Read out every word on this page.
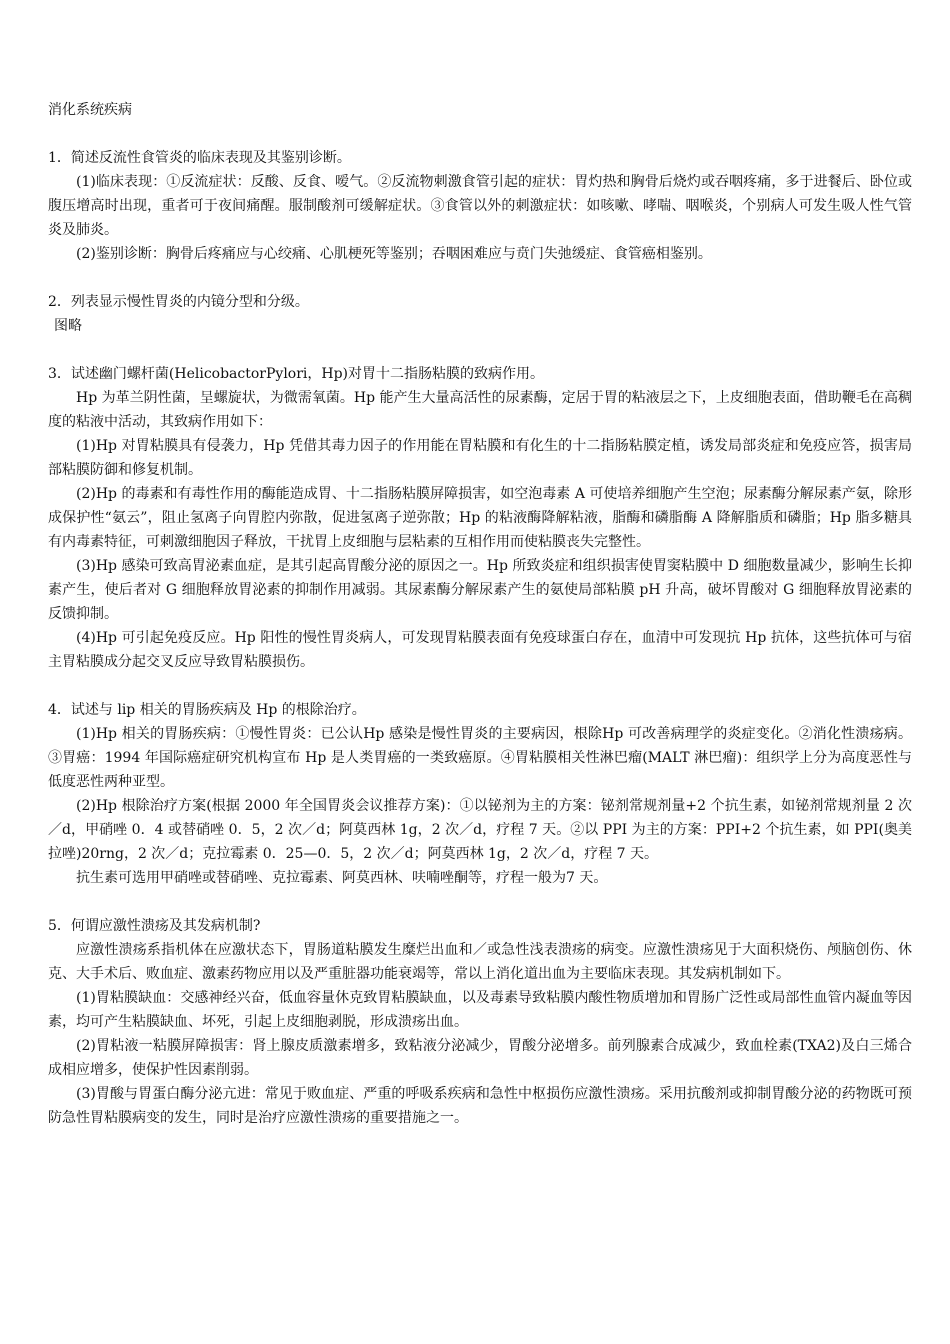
消化系统疾病

1．简述反流性食管炎的临床表现及其鉴别诊断。

(1)临床表现：①反流症状：反酸、反食、嗳气。②反流物刺激食管引起的症状：胃灼热和胸骨后烧灼或吞咽疼痛，多于进餐后、卧位或腹压增高时出现，重者可于夜间痛醒。服制酸剂可缓解症状。③食管以外的刺激症状：如咳嗽、哮喘、咽喉炎，个别病人可发生吸人性气管炎及肺炎。

(2)鉴别诊断：胸骨后疼痛应与心绞痛、心肌梗死等鉴别；吞咽困难应与贲门失弛缓症、食管癌相鉴别。

2．列表显示慢性胃炎的内镜分型和分级。

图略

3．试述幽门螺杆菌(HelicobactorPylori，Hp)对胃十二指肠粘膜的致病作用。

Hp 为革兰阴性菌，呈螺旋状，为微需氧菌。Hp 能产生大量高活性的尿素酶，定居于胃的粘液层之下，上皮细胞表面，借助鞭毛在高稠度的粘液中活动，其致病作用如下：

(1)Hp 对胃粘膜具有侵袭力，Hp 凭借其毒力因子的作用能在胃粘膜和有化生的十二指肠粘膜定植，诱发局部炎症和免疫应答，损害局部粘膜防御和修复机制。

(2)Hp 的毒素和有毒性作用的酶能造成胃、十二指肠粘膜屏障损害，如空泡毒素 A 可使培养细胞产生空泡；尿素酶分解尿素产氨，除形成保护性“氨云”，阻止氢离子向胃腔内弥散，促进氢离子逆弥散；Hp 的粘液酶降解粘液，脂酶和磷脂酶 A 降解脂质和磷脂；Hp 脂多糖具有内毒素特征，可刺激细胞因子释放，干扰胃上皮细胞与层粘素的互相作用而使粘膜丧失完整性。

(3)Hp 感染可致高胃泌素血症，是其引起高胃酸分泌的原因之一。Hp 所致炎症和组织损害使胃窦粘膜中 D 细胞数量减少，影响生长抑素产生，使后者对 G 细胞释放胃泌素的抑制作用减弱。其尿素酶分解尿素产生的氨使局部粘膜 pH 升高，破坏胃酸对 G 细胞释放胃泌素的反馈抑制。

(4)Hp 可引起免疫反应。Hp 阳性的慢性胃炎病人，可发现胃粘膜表面有免疫球蛋白存在，血清中可发现抗 Hp 抗体，这些抗体可与宿主胃粘膜成分起交叉反应导致胃粘膜损伤。

4．试述与 lip 相关的胃肠疾病及 Hp 的根除治疗。

(1)Hp 相关的胃肠疾病：①慢性胃炎：已公认Hp 感染是慢性胃炎的主要病因，根除Hp 可改善病理学的炎症变化。②消化性溃疡病。③胃癌：1994 年国际癌症研究机构宣布 Hp 是人类胃癌的一类致癌原。④胃粘膜相关性淋巴瘤(MALT 淋巴瘤)：组织学上分为高度恶性与低度恶性两种亚型。

(2)Hp 根除治疗方案(根据 2000 年全国胃炎会议推荐方案)：①以铋剂为主的方案：铋剂常规剂量+2 个抗生素，如铋剂常规剂量 2 次／d，甲硝唑 0．4 或替硝唑 0．5，2 次／d；阿莫西林 1g，2 次／d，疗程 7 天。②以 PPI 为主的方案：PPI+2 个抗生素，如 PPI(奥美拉唑)20rng，2 次／d；克拉霉素 0．25—0．5，2 次／d；阿莫西林 1g，2 次／d，疗程 7 天。

抗生素可选用甲硝唑或替硝唑、克拉霉素、阿莫西林、呋喃唑酮等，疗程一般为7 天。

5．何谓应激性溃疡及其发病机制?

应激性溃疡系指机体在应激状态下，胃肠道粘膜发生糜烂出血和／或急性浅表溃疡的病变。应激性溃疡见于大面积烧伤、颅脑创伤、休克、大手术后、败血症、激素药物应用以及严重脏器功能衰竭等，常以上消化道出血为主要临床表现。其发病机制如下。

(1)胃粘膜缺血：交感神经兴奋，低血容量休克致胃粘膜缺血，以及毒素导致粘膜内酸性物质增加和胃肠广泛性或局部性血管内凝血等因素，均可产生粘膜缺血、坏死，引起上皮细胞剥脱，形成溃疡出血。

(2)胃粘液一粘膜屏障损害：肾上腺皮质激素增多，致粘液分泌减少，胃酸分泌增多。前列腺素合成减少，致血栓素(TXA2)及白三烯合成相应增多，使保护性因素削弱。

(3)胃酸与胃蛋白酶分泌亢进：常见于败血症、严重的呼吸系疾病和急性中枢损伤应激性溃疡。采用抗酸剂或抑制胃酸分泌的药物既可预防急性胃粘膜病变的发生，同时是治疗应激性溃疡的重要措施之一。
